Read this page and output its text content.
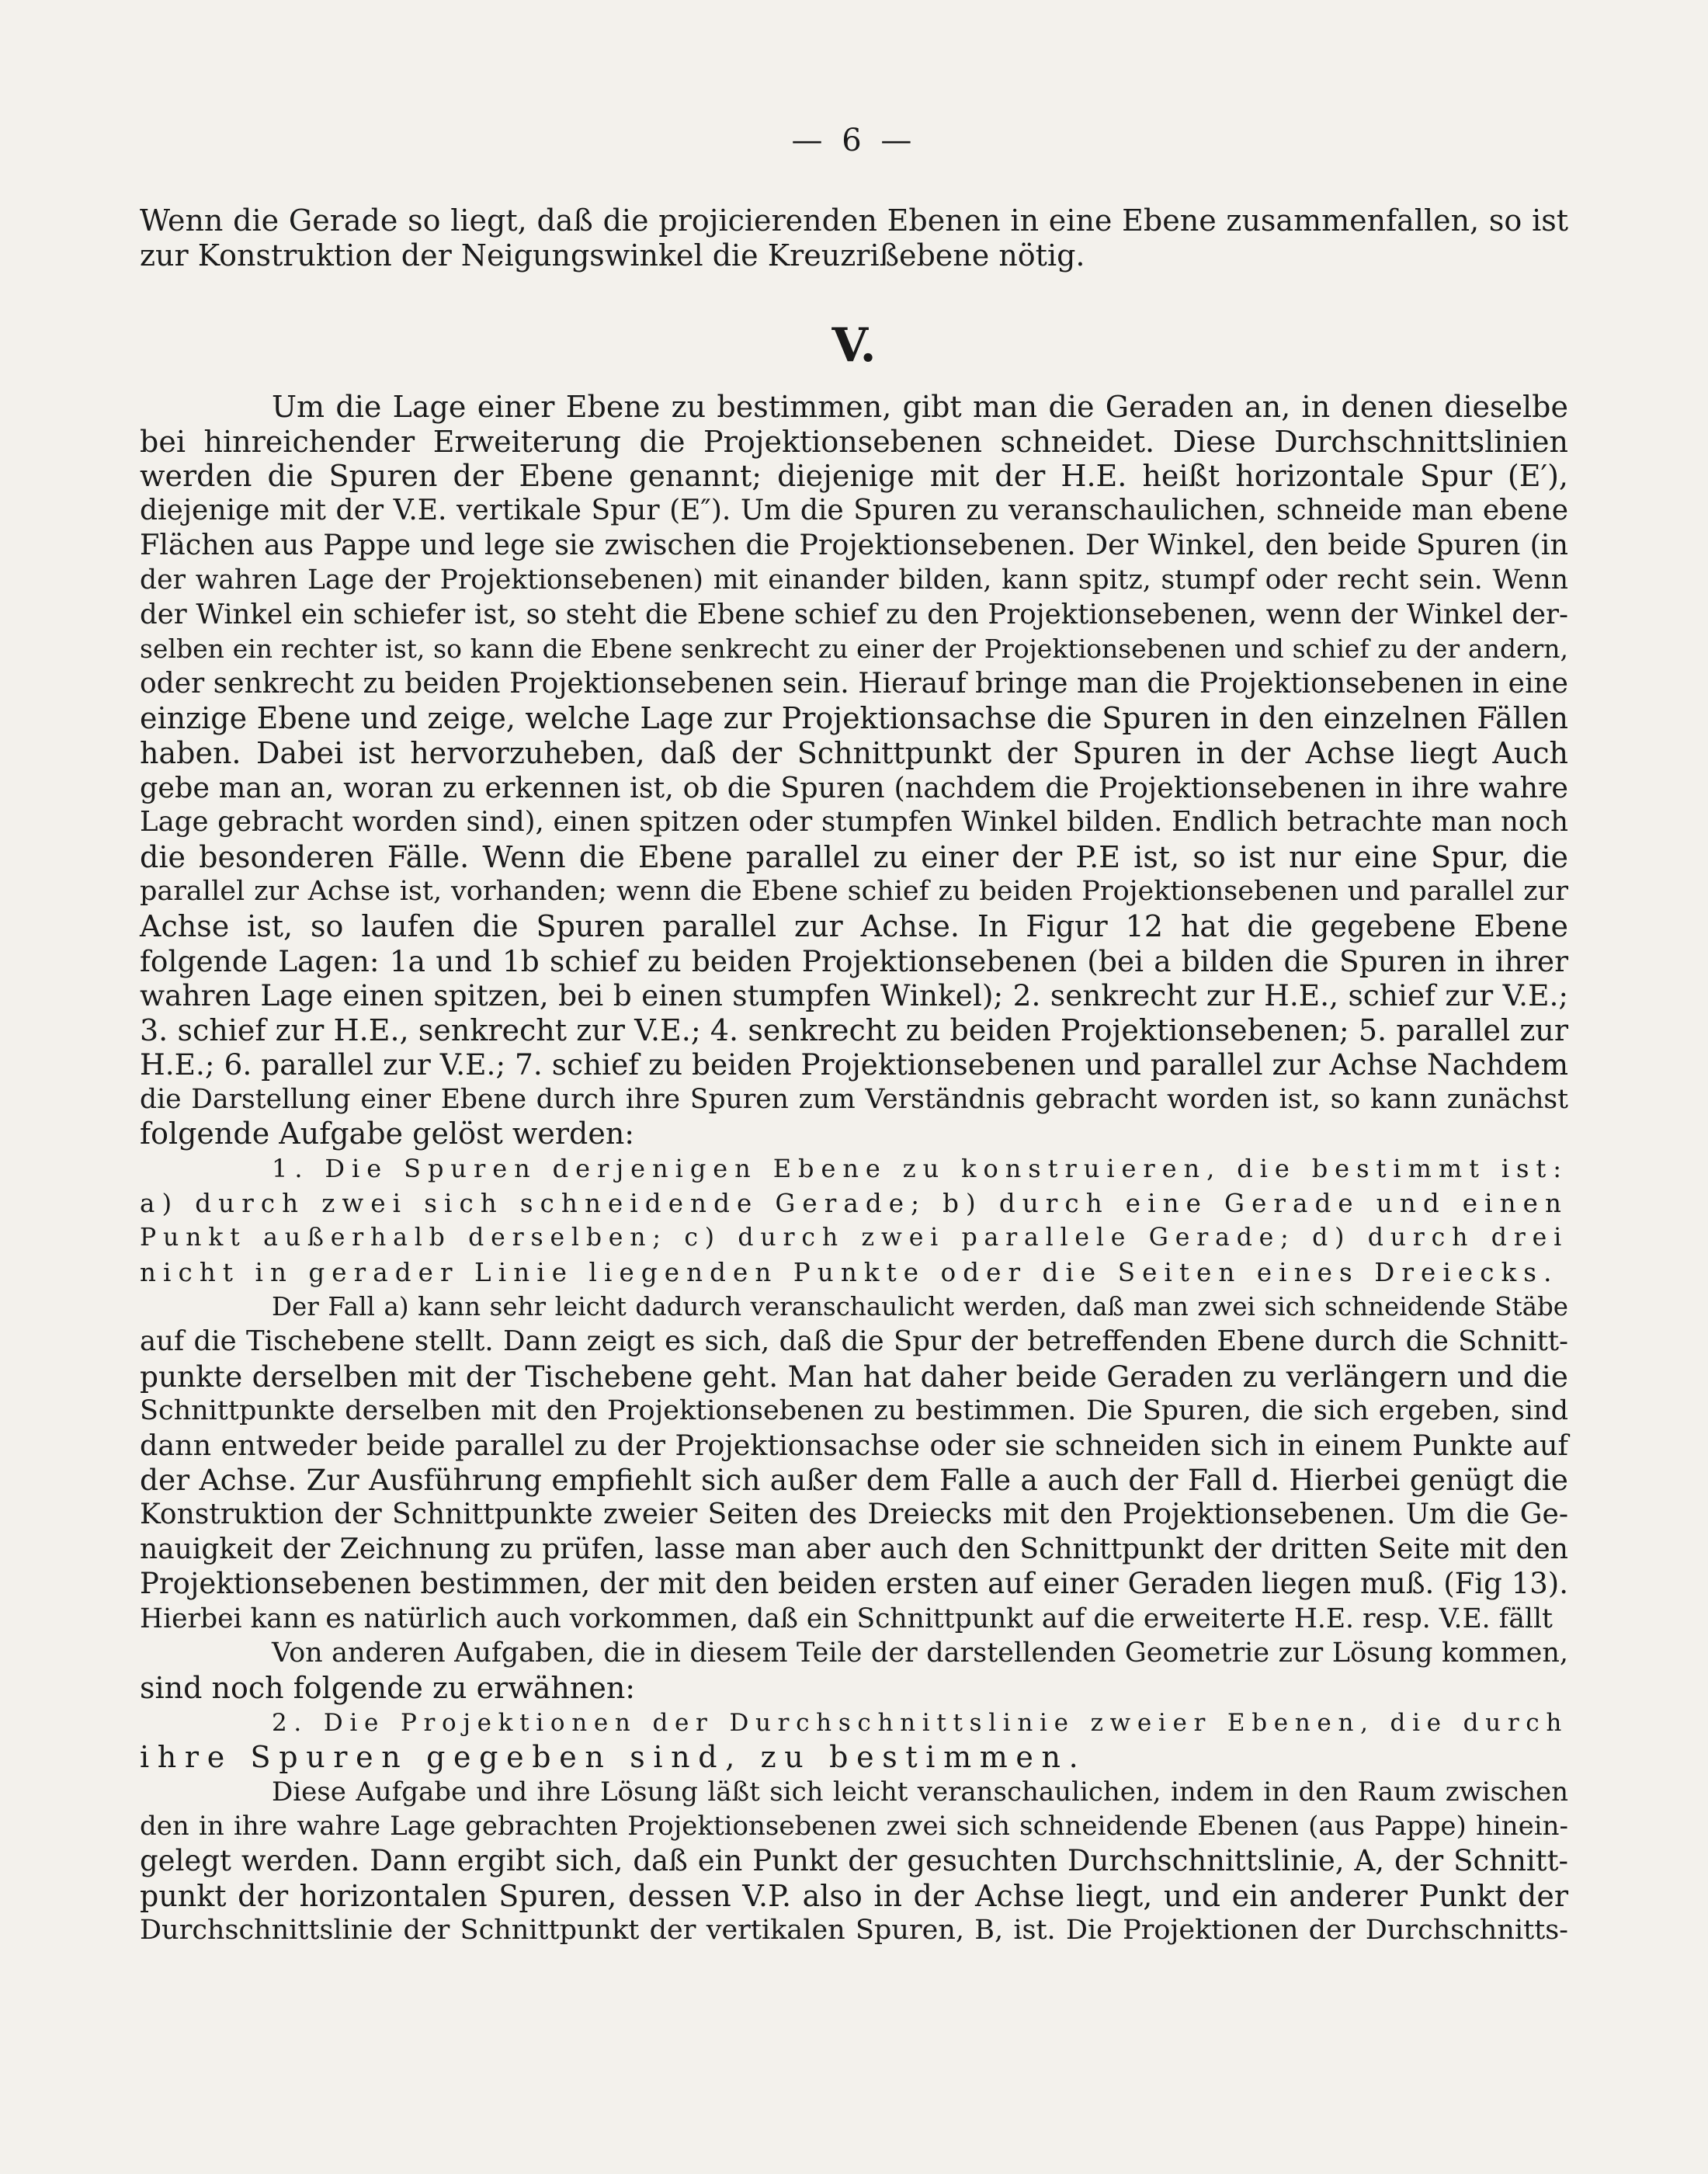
— 6 —

Wenn die Gerade so liegt, daß die projicierenden Ebenen in eine Ebene zusammenfallen, so ist

zur Konstruktion der Neigungswinkel die Kreuzrißebene nötig.

V.

Um die Lage einer Ebene zu bestimmen, gibt man die Geraden an, in denen dieselbe

bei hinreichender Erweiterung die Projektionsebenen schneidet. Diese Durchschnittslinien

werden die Spuren der Ebene genannt; diejenige mit der H.E. heißt horizontale Spur (E′),

diejenige mit der V.E. vertikale Spur (E″). Um die Spuren zu veranschaulichen, schneide man ebene

Flächen aus Pappe und lege sie zwischen die Projektionsebenen. Der Winkel, den beide Spuren (in

der wahren Lage der Projektionsebenen) mit einander bilden, kann spitz, stumpf oder recht sein. Wenn

der Winkel ein schiefer ist, so steht die Ebene schief zu den Projektionsebenen, wenn der Winkel der-

selben ein rechter ist, so kann die Ebene senkrecht zu einer der Projektionsebenen und schief zu der andern,

oder senkrecht zu beiden Projektionsebenen sein. Hierauf bringe man die Projektionsebenen in eine

einzige Ebene und zeige, welche Lage zur Projektionsachse die Spuren in den einzelnen Fällen

haben. Dabei ist hervorzuheben, daß der Schnittpunkt der Spuren in der Achse liegt Auch

gebe man an, woran zu erkennen ist, ob die Spuren (nachdem die Projektionsebenen in ihre wahre

Lage gebracht worden sind), einen spitzen oder stumpfen Winkel bilden. Endlich betrachte man noch

die besonderen Fälle. Wenn die Ebene parallel zu einer der P.E ist, so ist nur eine Spur, die

parallel zur Achse ist, vorhanden; wenn die Ebene schief zu beiden Projektionsebenen und parallel zur

Achse ist, so laufen die Spuren parallel zur Achse. In Figur 12 hat die gegebene Ebene

folgende Lagen: 1a und 1b schief zu beiden Projektionsebenen (bei a bilden die Spuren in ihrer

wahren Lage einen spitzen, bei b einen stumpfen Winkel); 2. senkrecht zur H.E., schief zur V.E.;

3. schief zur H.E., senkrecht zur V.E.; 4. senkrecht zu beiden Projektionsebenen; 5. parallel zur

H.E.; 6. parallel zur V.E.; 7. schief zu beiden Projektionsebenen und parallel zur Achse Nachdem

die Darstellung einer Ebene durch ihre Spuren zum Verständnis gebracht worden ist, so kann zunächst

folgende Aufgabe gelöst werden:

1. Die Spuren derjenigen Ebene zu konstruieren, die bestimmt ist:

a) durch zwei sich schneidende Gerade; b) durch eine Gerade und einen

Punkt außerhalb derselben; c) durch zwei parallele Gerade; d) durch drei

nicht in gerader Linie liegenden Punkte oder die Seiten eines Dreiecks.

Der Fall a) kann sehr leicht dadurch veranschaulicht werden, daß man zwei sich schneidende Stäbe

auf die Tischebene stellt. Dann zeigt es sich, daß die Spur der betreffenden Ebene durch die Schnitt-

punkte derselben mit der Tischebene geht. Man hat daher beide Geraden zu verlängern und die

Schnittpunkte derselben mit den Projektionsebenen zu bestimmen. Die Spuren, die sich ergeben, sind

dann entweder beide parallel zu der Projektionsachse oder sie schneiden sich in einem Punkte auf

der Achse. Zur Ausführung empfiehlt sich außer dem Falle a auch der Fall d. Hierbei genügt die

Konstruktion der Schnittpunkte zweier Seiten des Dreiecks mit den Projektionsebenen. Um die Ge-

nauigkeit der Zeichnung zu prüfen, lasse man aber auch den Schnittpunkt der dritten Seite mit den

Projektionsebenen bestimmen, der mit den beiden ersten auf einer Geraden liegen muß. (Fig 13).

Hierbei kann es natürlich auch vorkommen, daß ein Schnittpunkt auf die erweiterte H.E. resp. V.E. fällt

Von anderen Aufgaben, die in diesem Teile der darstellenden Geometrie zur Lösung kommen,

sind noch folgende zu erwähnen:

2. Die Projektionen der Durchschnittslinie zweier Ebenen, die durch

ihre Spuren gegeben sind, zu bestimmen.

Diese Aufgabe und ihre Lösung läßt sich leicht veranschaulichen, indem in den Raum zwischen

den in ihre wahre Lage gebrachten Projektionsebenen zwei sich schneidende Ebenen (aus Pappe) hinein-

gelegt werden. Dann ergibt sich, daß ein Punkt der gesuchten Durchschnittslinie, A, der Schnitt-

punkt der horizontalen Spuren, dessen V.P. also in der Achse liegt, und ein anderer Punkt der

Durchschnittslinie der Schnittpunkt der vertikalen Spuren, B, ist. Die Projektionen der Durchschnitts-
